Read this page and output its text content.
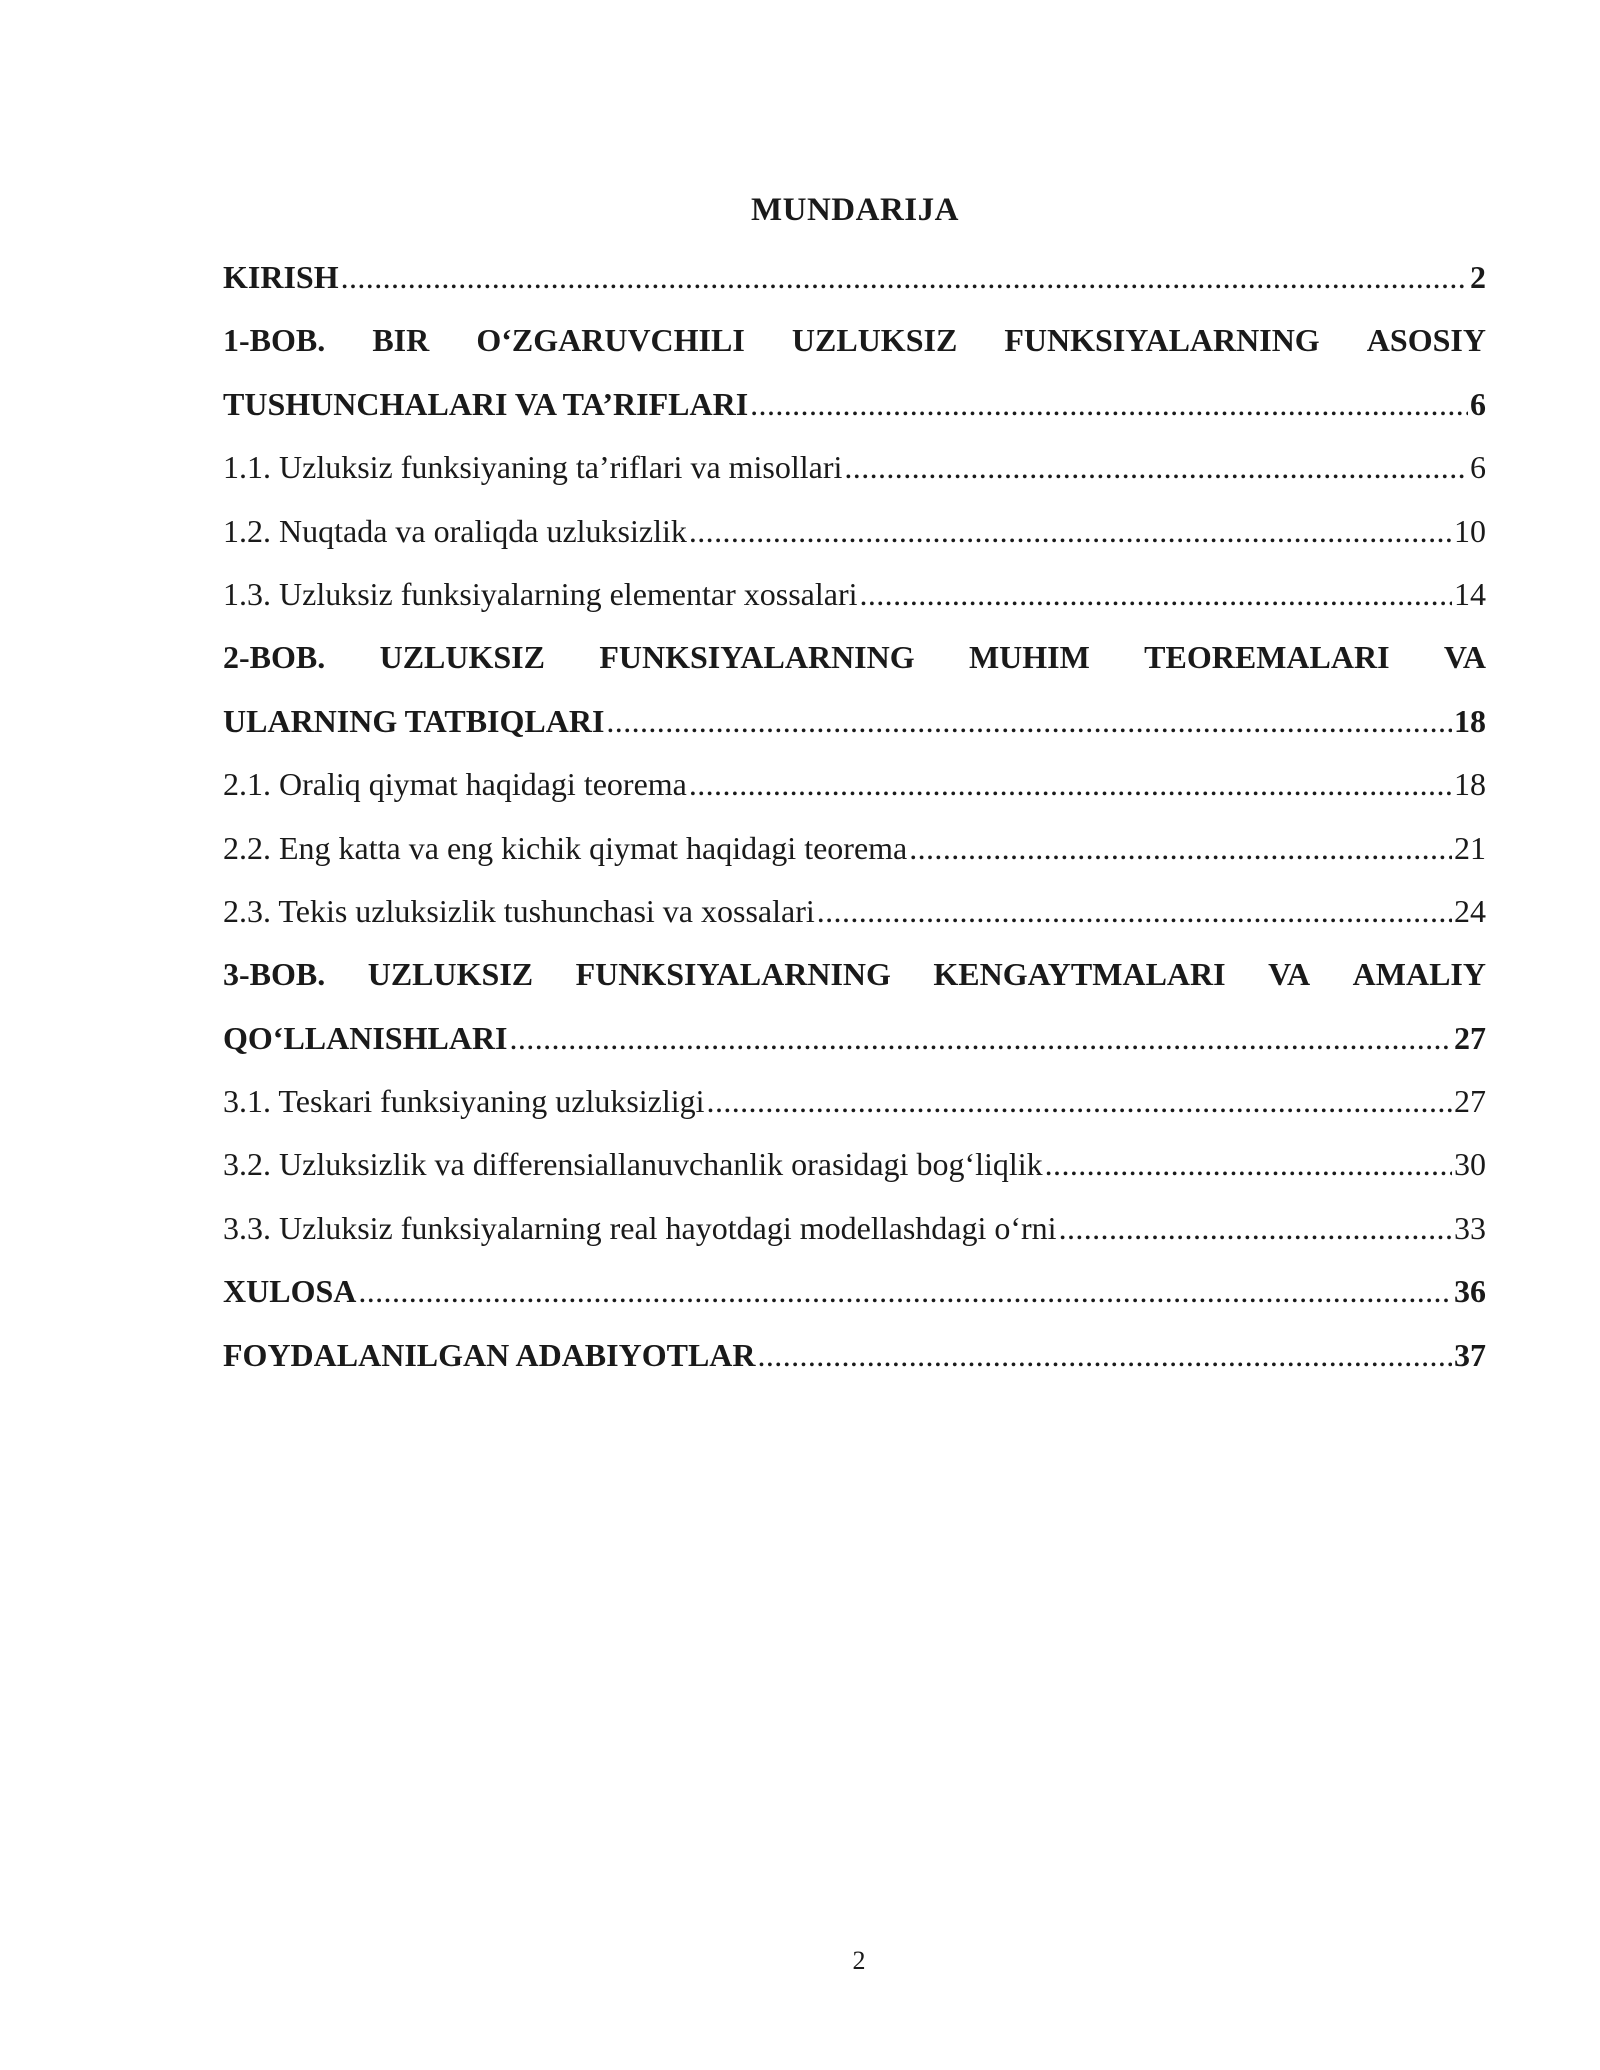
MUNDARIJA
KIRISH .....	2
1-BOB. BIR O‘ZGARUVCHILI UZLUKSIZ FUNKSIYALARNING ASOSIY
TUSHUNCHALARI VA TA’RIFLARI .....	6
1.1. Uzluksiz funksiyaning ta’riflari va misollari .....	6
1.2. Nuqtada va oraliqda uzluksizlik .....	10
1.3. Uzluksiz funksiyalarning elementar xossalari .....	14
2-BOB. UZLUKSIZ FUNKSIYALARNING MUHIM TEOREMALARI VA
ULARNING TATBIQLARI .....	18
2.1. Oraliq qiymat haqidagi teorema .....	18
2.2. Eng katta va eng kichik qiymat haqidagi teorema .....	21
2.3. Tekis uzluksizlik tushunchasi va xossalari .....	24
3-BOB. UZLUKSIZ FUNKSIYALARNING KENGAYTMALARI VA AMALIY
QO‘LLANISHLARI .....	27
3.1. Teskari funksiyaning uzluksizligi .....	27
3.2. Uzluksizlik va differensiallanuvchanlik orasidagi bog‘liqlik .....	30
3.3. Uzluksiz funksiyalarning real hayotdagi modellashdagi o‘rni .....	33
XULOSA .....	36
FOYDALANILGAN ADABIYOTLAR .....	37
2
